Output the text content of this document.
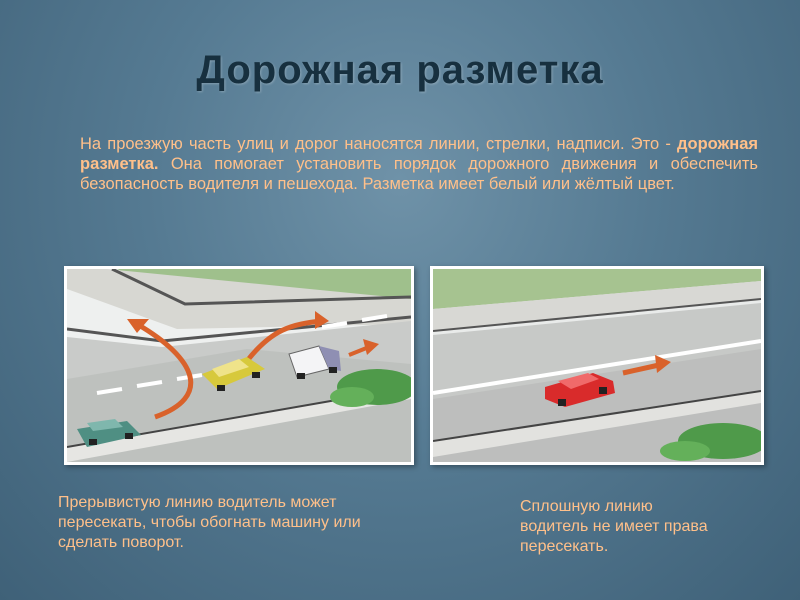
Дорожная разметка
На проезжую часть улиц и дорог наносятся линии, стрелки, надписи. Это - дорожная разметка. Она помогает установить порядок дорожного движения и обеспечить безопасность водителя и пешехода. Разметка имеет белый или жёлтый цвет.
Прерывистую линию водитель может пересекать, чтобы обогнать машину или сделать поворот.
Сплошную линию водитель не имеет права пересекать.
